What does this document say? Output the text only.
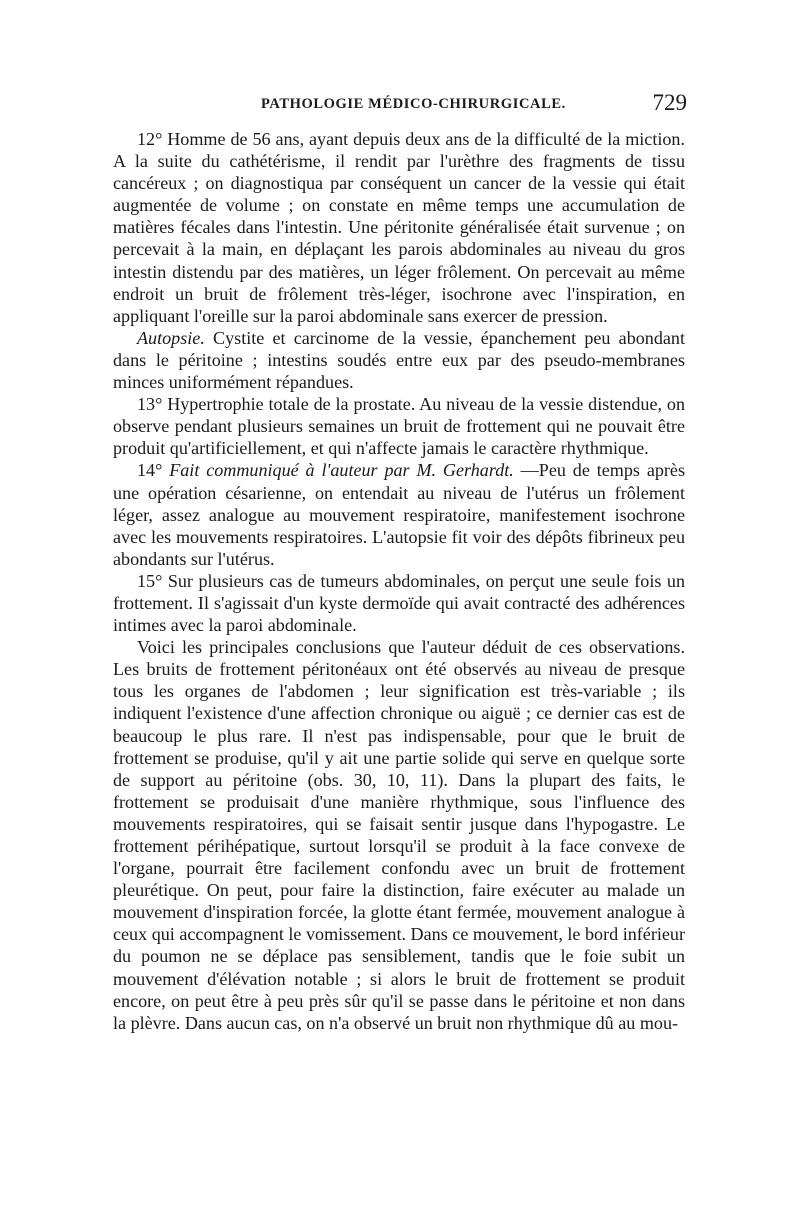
PATHOLOGIE MÉDICO-CHIRURGICALE.	729

12° Homme de 56 ans, ayant depuis deux ans de la difficulté de la miction. A la suite du cathétérisme, il rendit par l'urèthre des fragments de tissu cancéreux ; on diagnostiqua par conséquent un cancer de la vessie qui était augmentée de volume ; on constate en même temps une accumulation de matières fécales dans l'intestin. Une péritonite généralisée était survenue ; on percevait à la main, en déplaçant les parois abdominales au niveau du gros intestin distendu par des matières, un léger frôlement. On percevait au même endroit un bruit de frôlement très-léger, isochrone avec l'inspiration, en appliquant l'oreille sur la paroi abdominale sans exercer de pression.

Autopsie. Cystite et carcinome de la vessie, épanchement peu abondant dans le péritoine ; intestins soudés entre eux par des pseudo-membranes minces uniformément répandues.

13° Hypertrophie totale de la prostate. Au niveau de la vessie distendue, on observe pendant plusieurs semaines un bruit de frottement qui ne pouvait être produit qu'artificiellement, et qui n'affecte jamais le caractère rhythmique.

14° Fait communiqué à l'auteur par M. Gerhardt. —Peu de temps après une opération césarienne, on entendait au niveau de l'utérus un frôlement léger, assez analogue au mouvement respiratoire, manifestement isochrone avec les mouvements respiratoires. L'autopsie fit voir des dépôts fibrineux peu abondants sur l'utérus.

15° Sur plusieurs cas de tumeurs abdominales, on perçut une seule fois un frottement. Il s'agissait d'un kyste dermoïde qui avait contracté des adhérences intimes avec la paroi abdominale.

Voici les principales conclusions que l'auteur déduit de ces observations. Les bruits de frottement péritonéaux ont été observés au niveau de presque tous les organes de l'abdomen ; leur signification est très-variable ; ils indiquent l'existence d'une affection chronique ou aiguë ; ce dernier cas est de beaucoup le plus rare. Il n'est pas indispensable, pour que le bruit de frottement se produise, qu'il y ait une partie solide qui serve en quelque sorte de support au péritoine (obs. 30, 10, 11). Dans la plupart des faits, le frottement se produisait d'une manière rhythmique, sous l'influence des mouvements respiratoires, qui se faisait sentir jusque dans l'hypogastre. Le frottement périhépatique, surtout lorsqu'il se produit à la face convexe de l'organe, pourrait être facilement confondu avec un bruit de frottement pleurétique. On peut, pour faire la distinction, faire exécuter au malade un mouvement d'inspiration forcée, la glotte étant fermée, mouvement analogue à ceux qui accompagnent le vomissement. Dans ce mouvement, le bord inférieur du poumon ne se déplace pas sensiblement, tandis que le foie subit un mouvement d'élévation notable ; si alors le bruit de frottement se produit encore, on peut être à peu près sûr qu'il se passe dans le péritoine et non dans la plèvre. Dans aucun cas, on n'a observé un bruit non rhythmique dû au mou-
